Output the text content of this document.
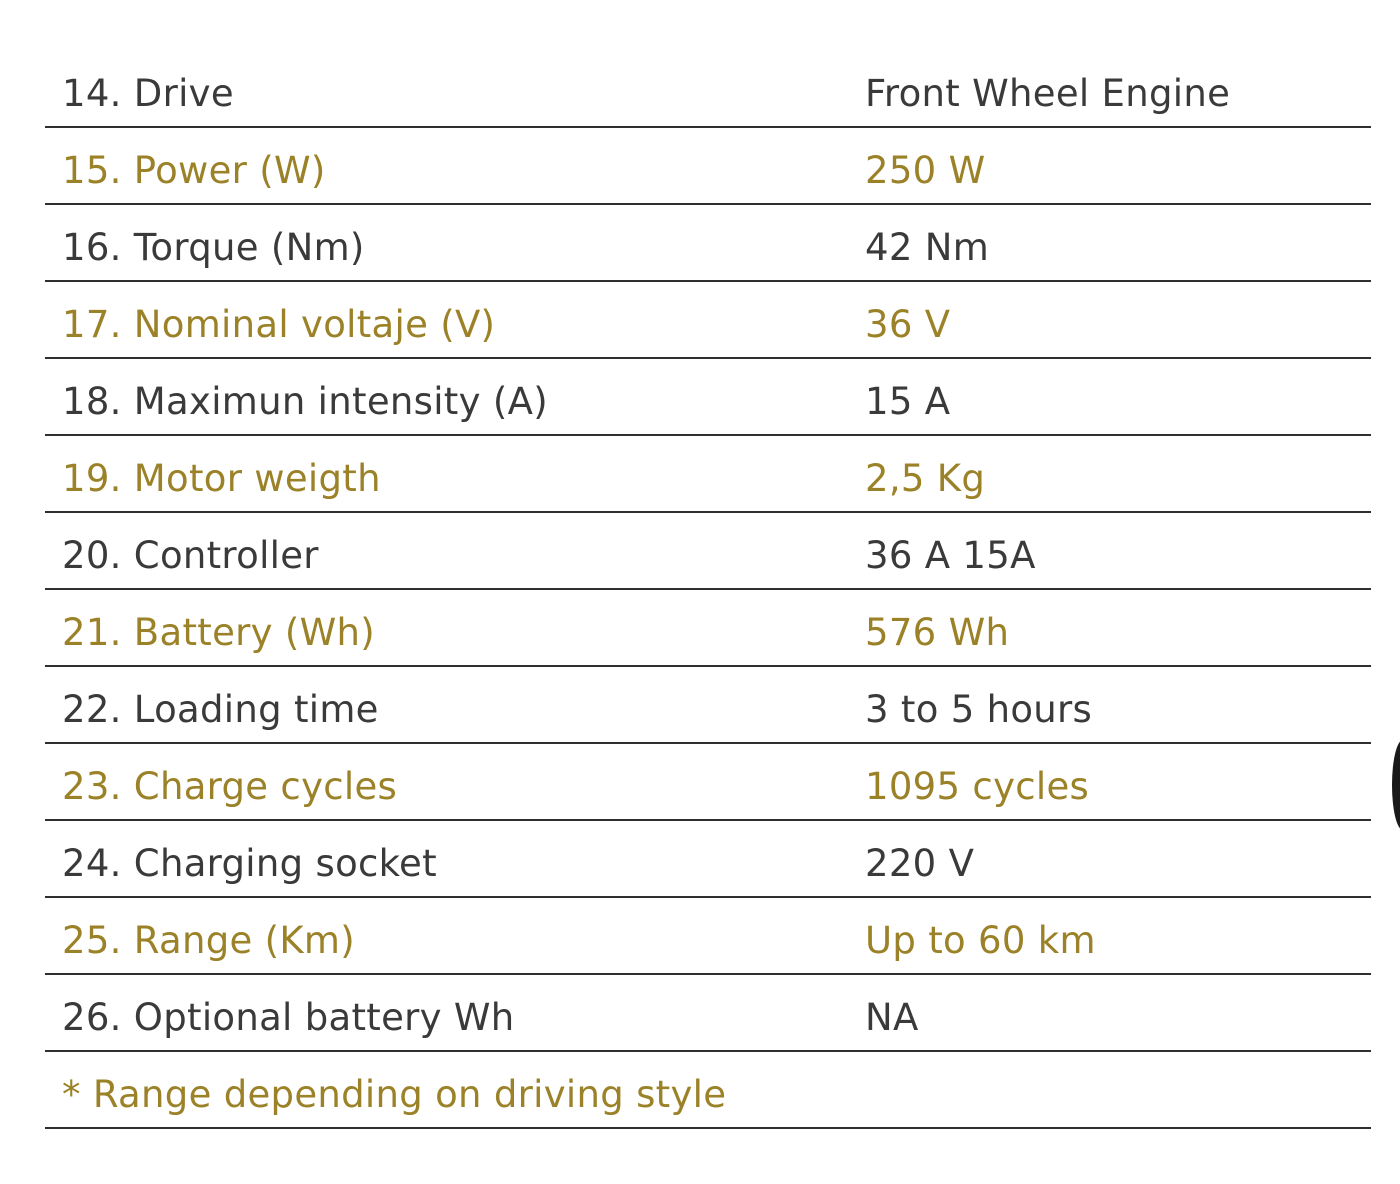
14. Drive	Front Wheel Engine
15. Power (W)	250 W
16. Torque (Nm)	42 Nm
17. Nominal voltaje (V)	36 V
18. Maximun intensity (A)	15 A
19. Motor weigth	2,5 Kg
20. Controller	36 A 15A
21. Battery (Wh)	576 Wh
22. Loading time	3 to 5 hours
23. Charge cycles	1095 cycles
24. Charging socket	220 V
25. Range (Km)	Up to 60 km
26. Optional battery Wh	NA
* Range depending on driving style
